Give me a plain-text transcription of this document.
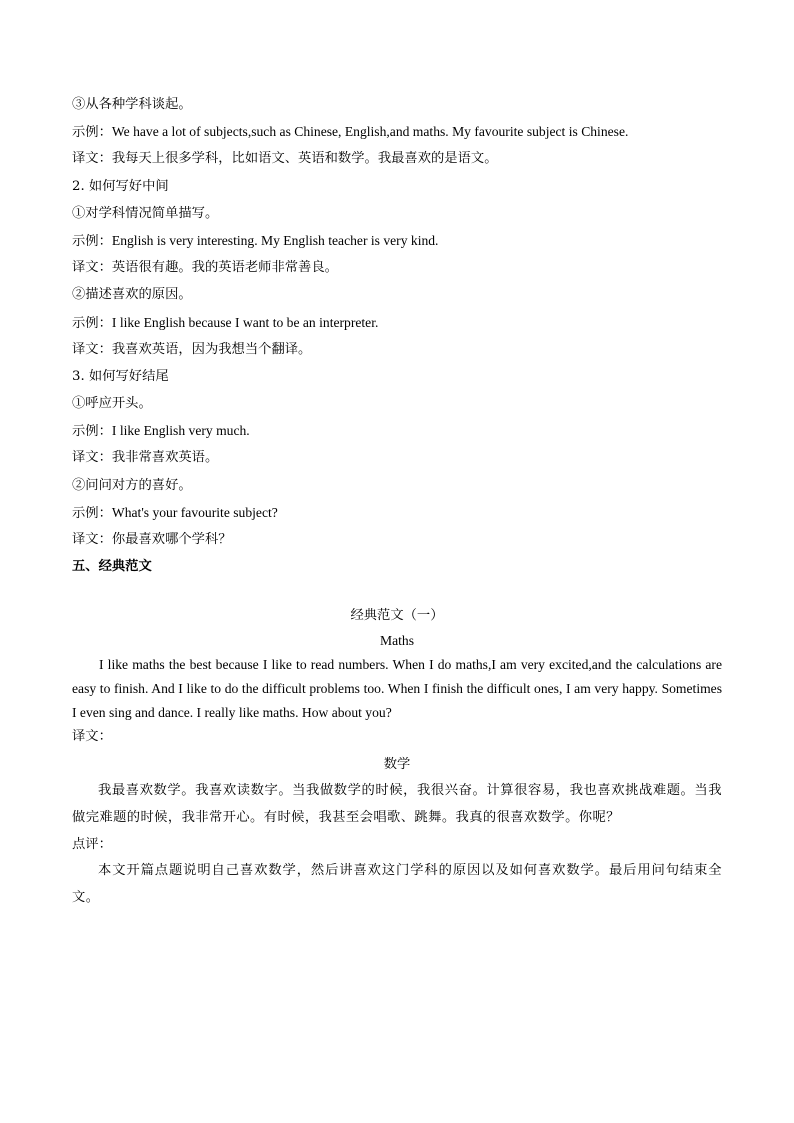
③从各种学科谈起。
示例：We have a lot of subjects,such as Chinese, English,and maths. My favourite subject is Chinese.
译文：我每天上很多学科，比如语文、英语和数学。我最喜欢的是语文。
2. 如何写好中间
①对学科情况简单描写。
示例：English is very interesting. My English teacher is very kind.
译文：英语很有趣。我的英语老师非常善良。
②描述喜欢的原因。
示例：I like English because I want to be an interpreter.
译文：我喜欢英语，因为我想当个翻译。
3. 如何写好结尾
①呼应开头。
示例：I like English very much.
译文：我非常喜欢英语。
②问问对方的喜好。
示例：What's your favourite subject?
译文：你最喜欢哪个学科？
五、经典范文
经典范文（一）
Maths

I like maths the best because I like to read numbers. When I do maths,I am very excited,and the calculations are easy to finish. And I like to do the difficult problems too. When I finish the difficult ones, I am very happy. Sometimes I even sing and dance. I really like maths. How about you?

译文：
数学

我最喜欢数学。我喜欢读数字。当我做数学的时候，我很兴奋。计算很容易，我也喜欢挑战难题。当我做完难题的时候，我非常开心。有时候，我甚至会唱歌、跳舞。我真的很喜欢数学。你呢？

点评：

本文开篇点题说明自己喜欢数学，然后讲喜欢这门学科的原因以及如何喜欢数学。最后用问句结束全文。
